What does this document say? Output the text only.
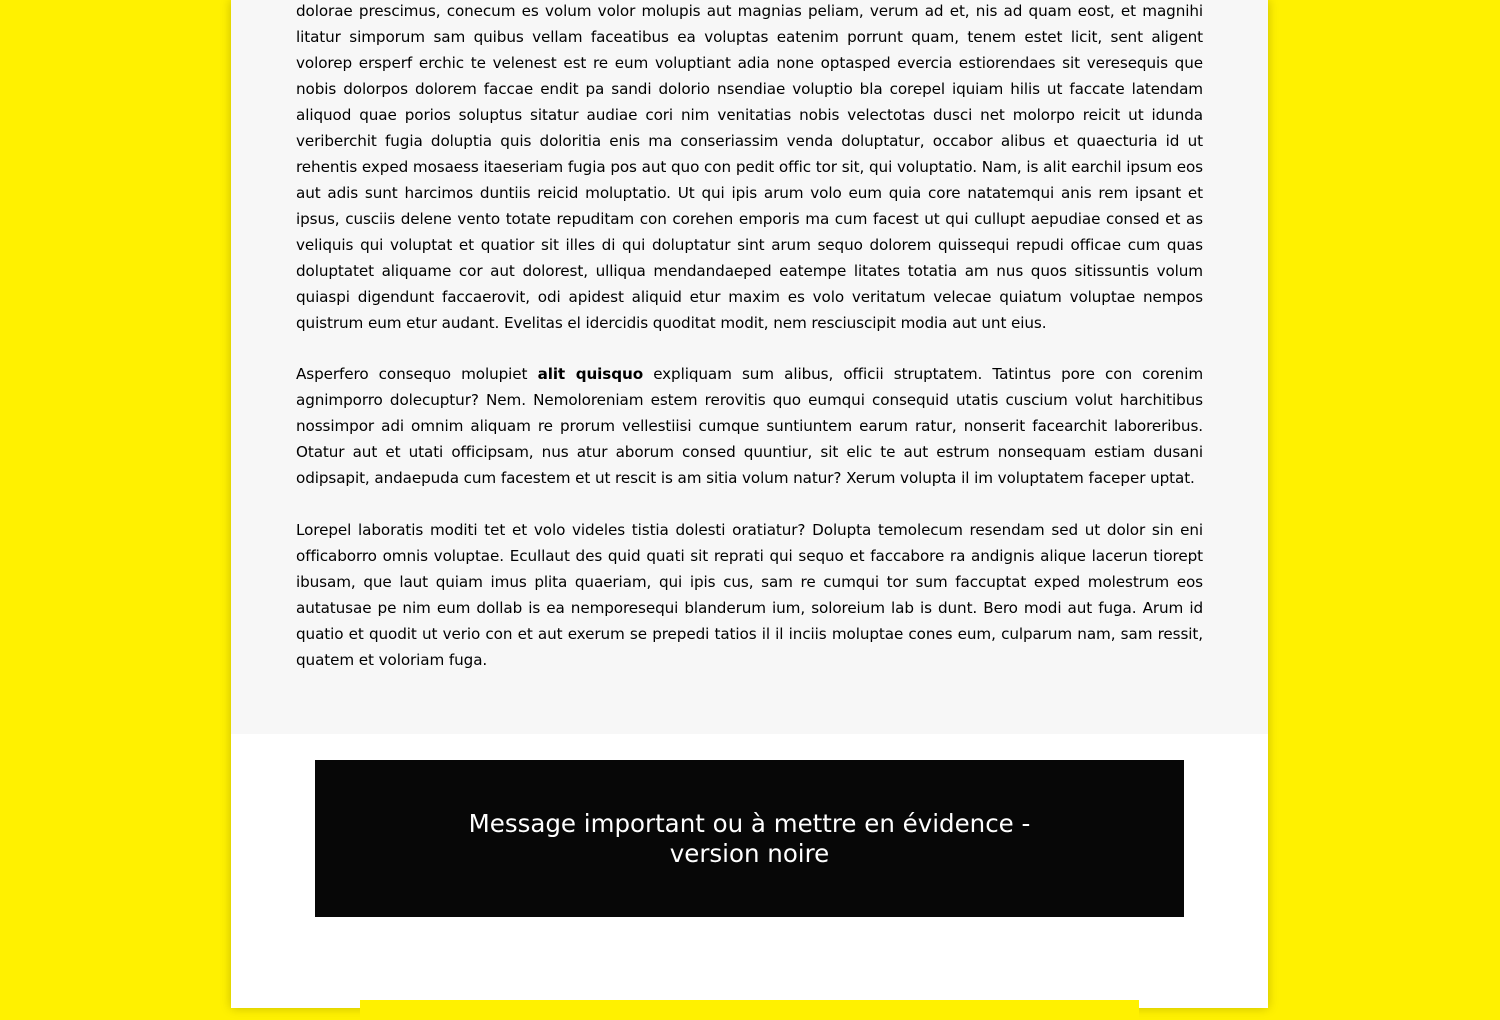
dolorae prescimus, conecum es volum volor molupis aut magnias peliam, verum ad et, nis ad quam eost, et magnihi litatur simporum sam quibus vellam faceatibus ea voluptas eatenim porrunt quam, tenem estet licit, sent aligent volorep ersperf erchic te velenest est re eum voluptiant adia none optasped evercia estiorendaes sit veresequis que nobis dolorpos dolorem faccae endit pa sandi dolorio nsendiae voluptio bla corepel iquiam hilis ut faccate latendam aliquod quae porios soluptus sitatur audiae cori nim venitatias nobis velectotas dusci net molorpo reicit ut idunda veriberchit fugia doluptia quis doloritia enis ma conseriassim venda doluptatur, occabor alibus et quaecturia id ut rehentis exped mosaess itaeseriam fugia pos aut quo con pedit offic tor sit, qui voluptatio. Nam, is alit earchil ipsum eos aut adis sunt harcimos duntiis reicid moluptatio. Ut qui ipis arum volo eum quia core natatemqui anis rem ipsant et ipsus, cusciis delene vento totate repuditam con corehen emporis ma cum facest ut qui cullupt aepudiae consed et as veliquis qui voluptat et quatior sit illes di qui doluptatur sint arum sequo dolorem quissequi repudi officae cum quas doluptatet aliquame cor aut dolorest, ulliqua mendandaeped eatempe litates totatia am nus quos sitissuntis volum quiaspi digendunt faccaerovit, odi apidest aliquid etur maxim es volo veritatum velecae quiatum voluptae nempos quistrum eum etur audant. Evelitas el idercidis quoditat modit, nem resciuscipit modia aut unt eius.

Asperfero consequo molupiet alit quisquo expliquam sum alibus, officii struptatem. Tatintus pore con corenim agnimporro dolecuptur? Nem. Nemoloreniam estem rerovitis quo eumqui consequid utatis cuscium volut harchitibus nossimpor adi omnim aliquam re prorum vellestiisi cumque suntiuntem earum ratur, nonserit facearchit laboreribus. Otatur aut et utati officipsam, nus atur aborum consed quuntiur, sit elic te aut estrum nonsequam estiam dusani odipsapit, andaepuda cum facestem et ut rescit is am sitia volum natur? Xerum volupta il im voluptatem faceper uptat.

Lorepel laboratis moditi tet et volo videles tistia dolesti oratiatur? Dolupta temolecum resendam sed ut dolor sin eni officaborro omnis voluptae. Ecullaut des quid quati sit reprati qui sequo et faccabore ra andignis alique lacerun tiorept ibusam, que laut quiam imus plita quaeriam, qui ipis cus, sam re cumqui tor sum faccuptat exped molestrum eos autatusae pe nim eum dollab is ea nemporesequi blanderum ium, soloreium lab is dunt. Bero modi aut fuga. Arum id quatio et quodit ut verio con et aut exerum se prepedi tatios il il inciis moluptae cones eum, culparum nam, sam ressit, quatem et voloriam fuga.

Message important ou à mettre en évidence - version noire
